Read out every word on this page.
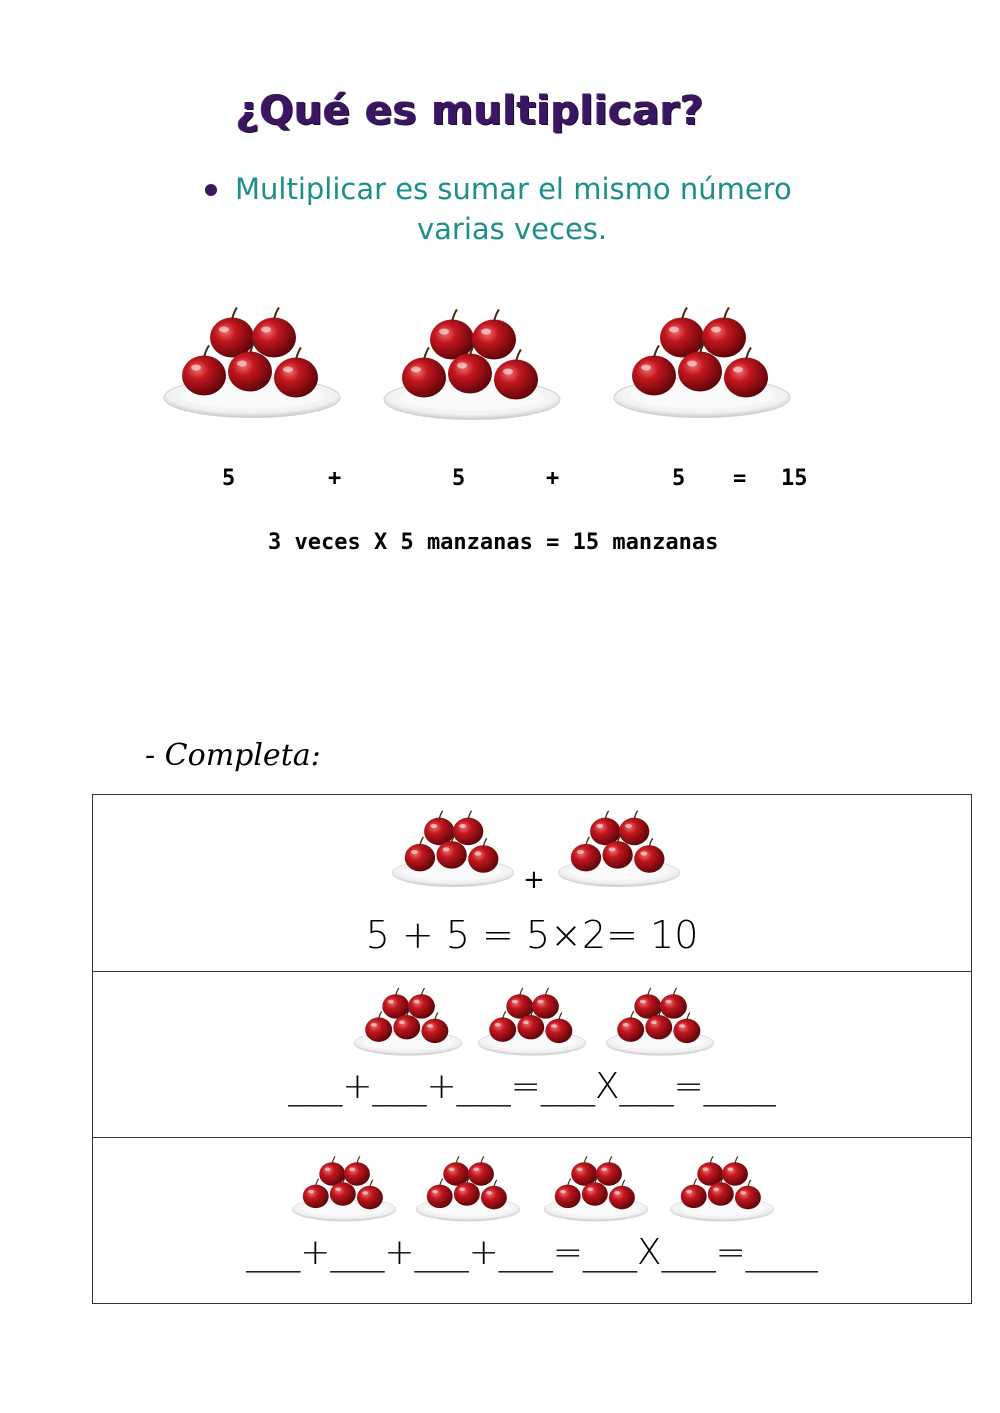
¿Qué es multiplicar?
Multiplicar es sumar el mismo número
varias veces.
5	+	5	+	5 = 15
3 veces X 5 manzanas = 15 manzanas
- Completa:
+
5 + 5 = 5×2= 10
___+___+___=___X___=____
___+___+___+___=___X___=____
